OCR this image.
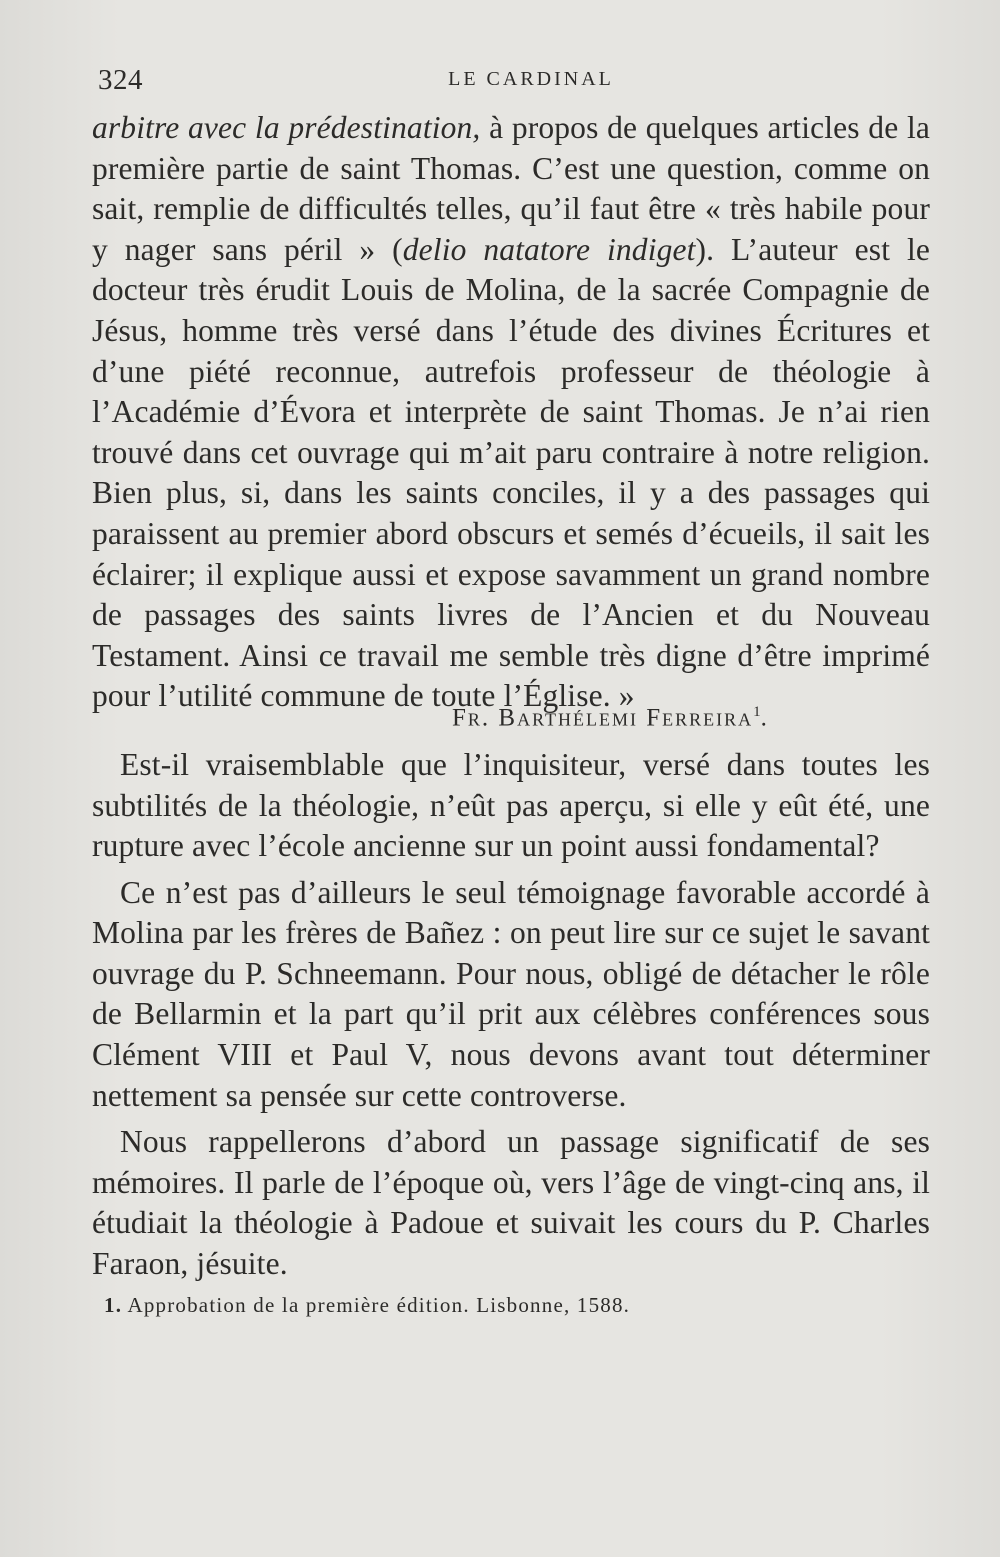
324	LE CARDINAL

arbitre avec la prédestination, à propos de quelques articles de la première partie de saint Thomas. C’est une question, comme on sait, remplie de difficultés telles, qu’il faut être « très habile pour y nager sans péril » (delio natatore indiget). L’auteur est le docteur très érudit Louis de Molina, de la sacrée Compagnie de Jésus, homme très versé dans l’étude des divines Écritures et d’une piété reconnue, autrefois professeur de théologie à l’Académie d’Évora et interprète de saint Thomas. Je n’ai rien trouvé dans cet ouvrage qui m’ait paru contraire à notre religion. Bien plus, si, dans les saints conciles, il y a des passages qui paraissent au premier abord obscurs et semés d’écueils, il sait les éclairer; il explique aussi et expose savamment un grand nombre de passages des saints livres de l’Ancien et du Nouveau Testament. Ainsi ce travail me semble très digne d’être imprimé pour l’utilité commune de toute l’Église. »

Fr. Barthélemi Ferreira$^1$.

Est-il vraisemblable que l’inquisiteur, versé dans toutes les subtilités de la théologie, n’eût pas aperçu, si elle y eût été, une rupture avec l’école ancienne sur un point aussi fondamental?

Ce n’est pas d’ailleurs le seul témoignage favorable accordé à Molina par les frères de Bañez : on peut lire sur ce sujet le savant ouvrage du P. Schneemann. Pour nous, obligé de détacher le rôle de Bellarmin et la part qu’il prit aux célèbres conférences sous Clément VIII et Paul V, nous devons avant tout déterminer nettement sa pensée sur cette controverse.

Nous rappellerons d’abord un passage significatif de ses mémoires. Il parle de l’époque où, vers l’âge de vingt-cinq ans, il étudiait la théologie à Padoue et suivait les cours du P. Charles Faraon, jésuite.

1. Approbation de la première édition. Lisbonne, 1588.
